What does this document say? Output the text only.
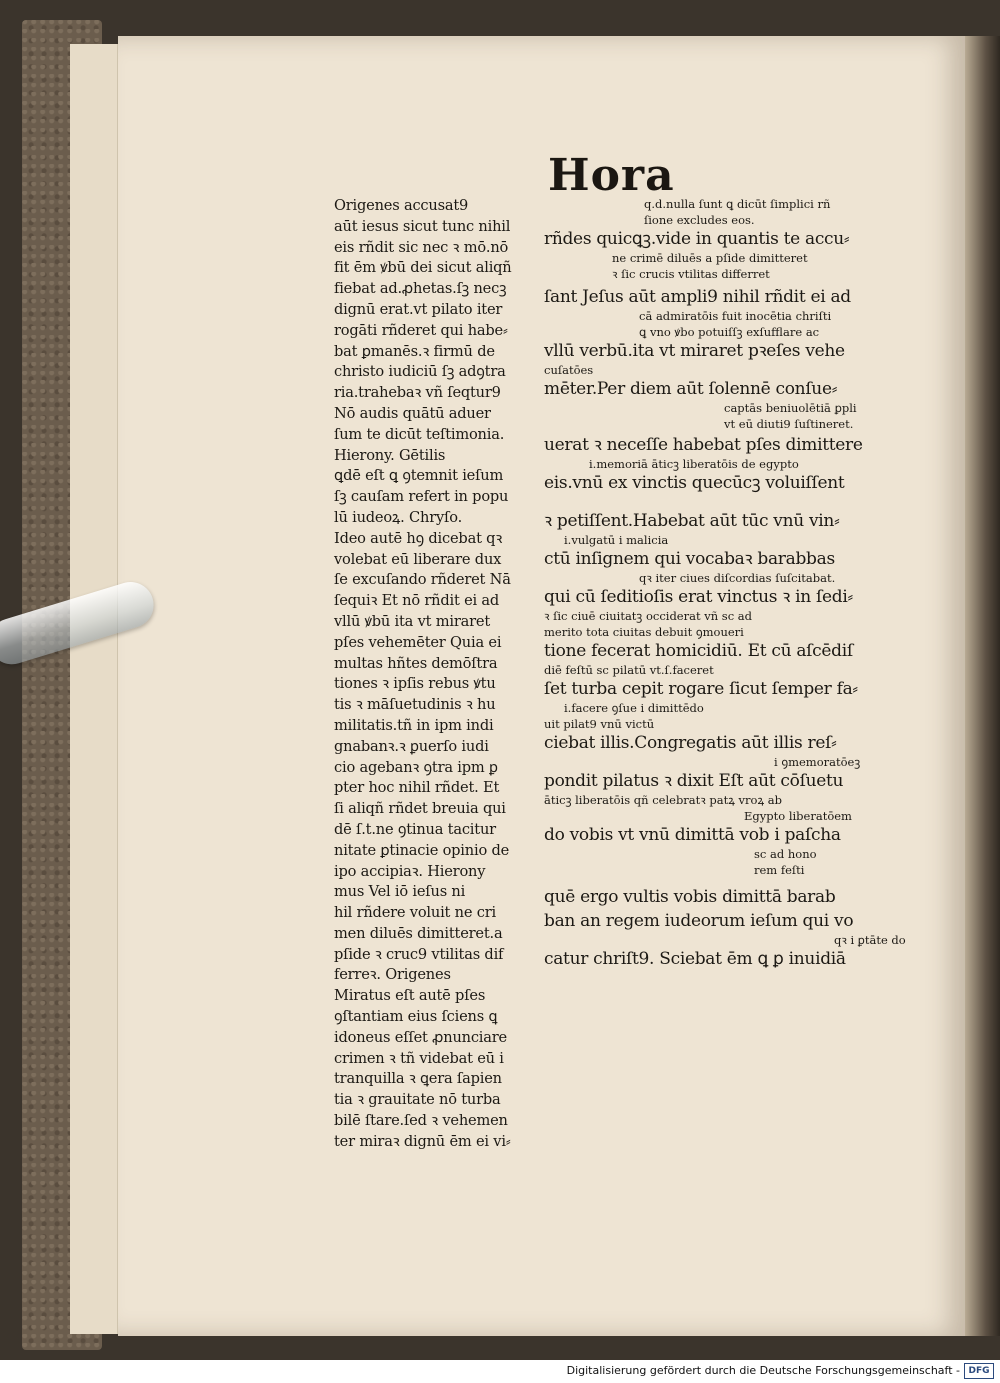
Hora
Origenes accusat9
aūt iesus sicut tunc nihil
eis rñdit sic nec ꝛ mō.nō
fit ēm ꝟbū dei sicut aliqñ
fiebat ad.ꝓhetas.ſꝫ necꝫ
dignū erat.vt pilato iter
rogāti rñderet qui habe⸗
bat ꝑmanēs.ꝛ firmū de
christo iudiciū ſꝫ adꝯtra
ria.trahebaꝛ vñ ſeqtur9
Nō audis quātū aduer
ſum te dicūt teſtimonia.
Hierony. Gētilis
ꝗdē eſt ꝗ ꝯtemnit ieſum
ſꝫ cauſam refert in popu
lū iudeoꝝ. Chryſo.
Ideo autē hꝯ dicebat qꝛ
volebat eū liberare dux
ſe excuſando rñderet Nā
ſequiꝛ Et nō rñdit ei ad
vllū ꝟbū ita vt miraret
pſes vehemēter Quia ei
multas hñtes demōſtra
tiones ꝛ ipſis rebus ꝟtu
tis ꝛ māſuetudinis ꝛ hu
militatis.tñ in ipm indi
gnabanꝛ.ꝛ ꝑuerſo iudi
cio agebanꝛ ꝯtra ipm ꝑ
pter hoc nihil rñdet. Et
ſi aliqñ rñdet breuia qui
dē ſ.t.ne ꝯtinua tacitur
nitate ꝑtinacie opinio de
ipo accipiaꝛ. Hierony
mus Vel iō ieſus ni
hil rñdere voluit ne cri
men diluēs dimitteret.a
pſide ꝛ cruc9 vtilitas dif
ferreꝛ. Origenes
Miratus eſt autē pſes
ꝯſtantiam eius ſciens ꝗ
idoneus eſſet ꝓnunciare
crimen ꝛ tñ videbat eū i
tranquilla ꝛ ꝗera ſapien
tia ꝛ grauitate nō turba
bilē ſtare.ſed ꝛ vehemen
ter miraꝛ dignū ēm ei vi⸗
q.d.nulla ſunt ꝗ dicūt ſimplici rñ
ſione excludes eos.
rñdes quicꝗꝫ.vide in quantis te accu⸗
ne crimē diluēs a pſide dimitteret
ꝛ ſic crucis vtilitas differret
ſant Jeſus aūt ampli9 nihil rñdit ei ad
cā admiratōis fuit inocētia chriſti
ꝗ vno ꝟbo potuiſſꝫ exſufflare ac
vllū verbū.ita vt miraret pꝛeſes vehe
cuſatōes
mēter.Per diem aūt ſolennē conſue⸗
captās beniuolētiā ꝑpli
vt eū diuti9 ſuſtineret.
uerat ꝛ neceſſe habebat pſes dimittere
i.memoriā āticꝫ liberatōis de egypto
eis.vnū ex vinctis quecūcꝫ voluiſſent
ꝛ petiſſent.Habebat aūt tūc vnū vin⸗
i.vulgatū i malicia
ctū inſignem qui vocabaꝛ barabbas
qꝛ iter ciues diſcordias ſuſcitabat.
qui cū ſeditioſis erat vinctus ꝛ in ſedi⸗
ꝛ ſic ciuē ciuitatꝫ occiderat vñ sc ad
merito tota ciuitas debuit ꝯmoueri
tione fecerat homicidiū. Et cū aſcēdiſ
diē feſtū sc pilatū vt.ſ.faceret
ſet turba cepit rogare ſicut ſemper fa⸗
i.facere ꝯſue i dimittēdo
uit pilat9 vnū victū
ciebat illis.Congregatis aūt illis reſ⸗
i ꝯmemoratōeꝫ
pondit pilatus ꝛ dixit Eſt aūt cōſuetu
āticꝫ liberatōis qñ celebratꝛ patꝝ vroꝝ ab
Egypto liberatōem
do vobis vt vnū dimittā vob i paſcha
sc ad hono
rem feſti
quē ergo vultis vobis dimittā barab
ban an regem iudeorum ieſum qui vo
qꝛ i ꝑtāte do
catur chriſt9. Sciebat ēm ꝗ ꝑ inuidiā
Digitalisierung gefördert durch die Deutsche Forschungsgemeinschaft - DFG
